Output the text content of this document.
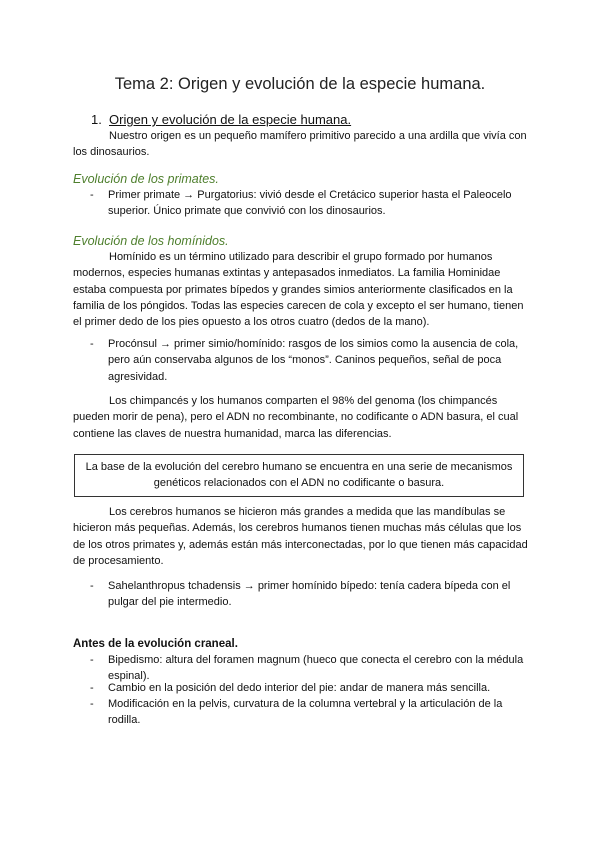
Tema 2: Origen y evolución de la especie humana.
1. Origen y evolución de la especie humana.

Nuestro origen es un pequeño mamífero primitivo parecido a una ardilla que vivía con los dinosaurios.

Evolución de los primates.
- Primer primate → Purgatorius: vivió desde el Cretácico superior hasta el Paleocelo superior. Único primate que convivió con los dinosaurios.
Evolución de los homínidos.

Homínido es un término utilizado para describir el grupo formado por humanos modernos, especies humanas extintas y antepasados inmediatos. La familia Hominidae estaba compuesta por primates bípedos y grandes simios anteriormente clasificados en la familia de los póngidos. Todas las especies carecen de cola y excepto el ser humano, tienen el primer dedo de los pies opuesto a los otros cuatro (dedos de la mano).

- Procónsul → primer simio/homínido: rasgos de los simios como la ausencia de cola, pero aún conservaba algunos de los “monos”. Caninos pequeños, señal de poca agresividad.

Los chimpancés y los humanos comparten el 98% del genoma (los chimpancés pueden morir de pena), pero el ADN no recombinante, no codificante o ADN basura, el cual contiene las claves de nuestra humanidad, marca las diferencias.

La base de la evolución del cerebro humano se encuentra en una serie de mecanismos genéticos relacionados con el ADN no codificante o basura.

Los cerebros humanos se hicieron más grandes a medida que las mandíbulas se hicieron más pequeñas. Además, los cerebros humanos tienen muchas más células que los de los otros primates y, además están más interconectadas, por lo que tienen más capacidad de procesamiento.

- Sahelanthropus tchadensis → primer homínido bípedo: tenía cadera bípeda con el pulgar del pie intermedio.
Antes de la evolución craneal.
- Bipedismo: altura del foramen magnum (hueco que conecta el cerebro con la médula espinal).
- Cambio en la posición del dedo interior del pie: andar de manera más sencilla.
- Modificación en la pelvis, curvatura de la columna vertebral y la articulación de la rodilla.
